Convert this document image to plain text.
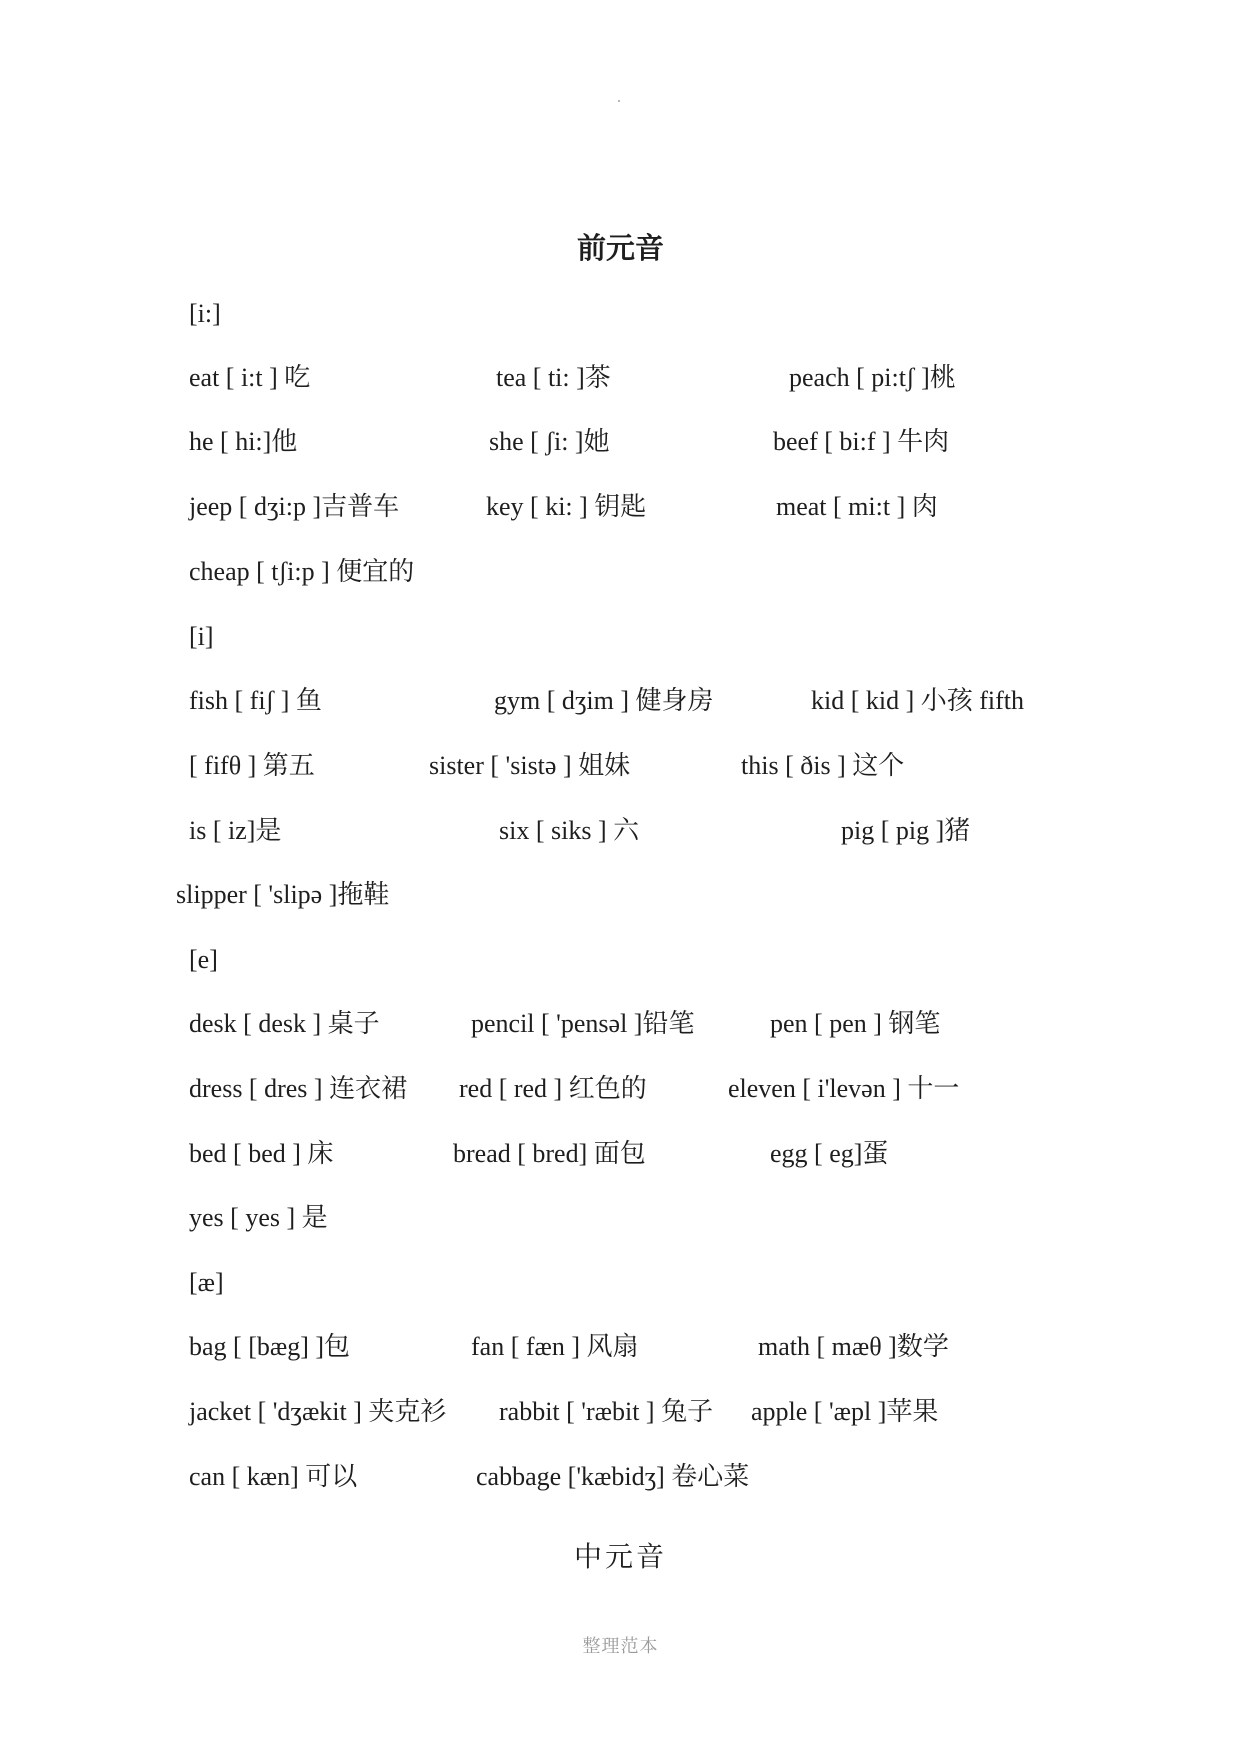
前元音
[i:]
eat [ i:t ] 吃	tea [ ti: ]茶	peach [ pi:tʃ ]桃
he [ hi:]他	she [ ʃi: ]她	beef [ bi:f ] 牛肉
jeep [ dʒi:p ]吉普车	key [ ki: ] 钥匙	meat [ mi:t ] 肉
cheap [ tʃi:p ] 便宜的
[i]
fish [ fiʃ ] 鱼	gym [ dʒim ] 健身房	kid [ kid ] 小孩 fifth
[ fifθ ] 第五	sister [ 'sistə ] 姐妹	this [ ðis ] 这个
is [ iz]是	six [ siks ] 六	pig [ pig ]猪
slipper [ 'slipə ]拖鞋
[e]
desk [ desk ] 桌子	pencil [ 'pensəl ]铅笔	pen [ pen ] 钢笔
dress [ dres ] 连衣裙 red [ red ] 红色的	eleven [ i'levən ] 十一
bed [ bed ] 床	bread [ bred] 面包	egg [ eg]蛋
yes [ yes ] 是
[æ]
bag [ [bæg] ]包	fan [ fæn ] 风扇	math [ mæθ ]数学
jacket [ 'dʒækit ] 夹克衫 rabbit [ 'ræbit ] 兔子 apple [ 'æpl ]苹果
can [ kæn] 可以	cabbage ['kæbidʒ] 卷心菜
中元音
整理范本
